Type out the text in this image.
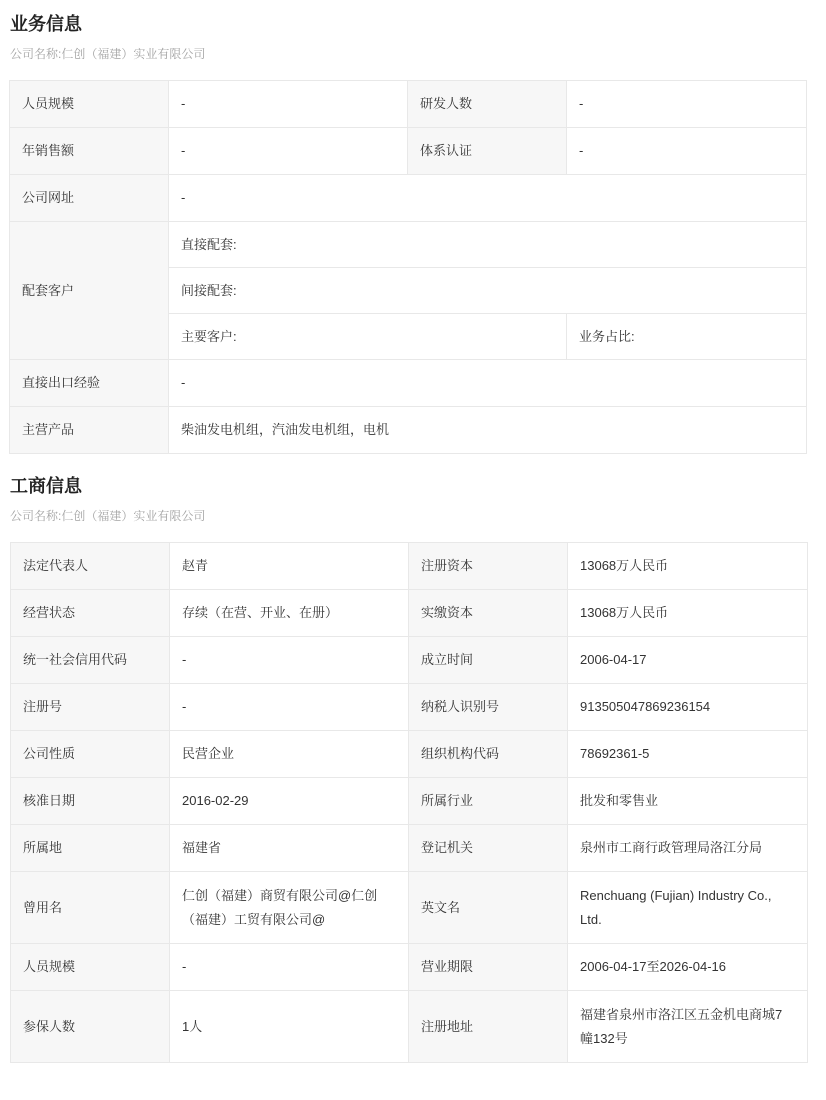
业务信息
公司名称:仁创（福建）实业有限公司
人员规模	-	研发人数	-
年销售额	-	体系认证	-
公司网址	-		
配套客户	直接配套:		
	间接配套:		
	主要客户:		业务占比:
直接出口经验	-		
主营产品	柴油发电机组，汽油发电机组，电机		
工商信息
公司名称:仁创（福建）实业有限公司
法定代表人	赵青	注册资本	13068万人民币
经营状态	存续（在营、开业、在册）	实缴资本	13068万人民币
统一社会信用代码	-	成立时间	2006-04-17
注册号	-	纳税人识别号	913505047869236154
公司性质	民营企业	组织机构代码	78692361-5
核准日期	2016-02-29	所属行业	批发和零售业
所属地	福建省	登记机关	泉州市工商行政管理局洛江分局
曾用名	仁创（福建）商贸有限公司@仁创（福建）工贸有限公司@	英文名	Renchuang (Fujian) Industry Co., Ltd.
人员规模	-	营业期限	2006-04-17至2026-04-16
参保人数	1人	注册地址	福建省泉州市洛江区五金机电商城7幢132号
